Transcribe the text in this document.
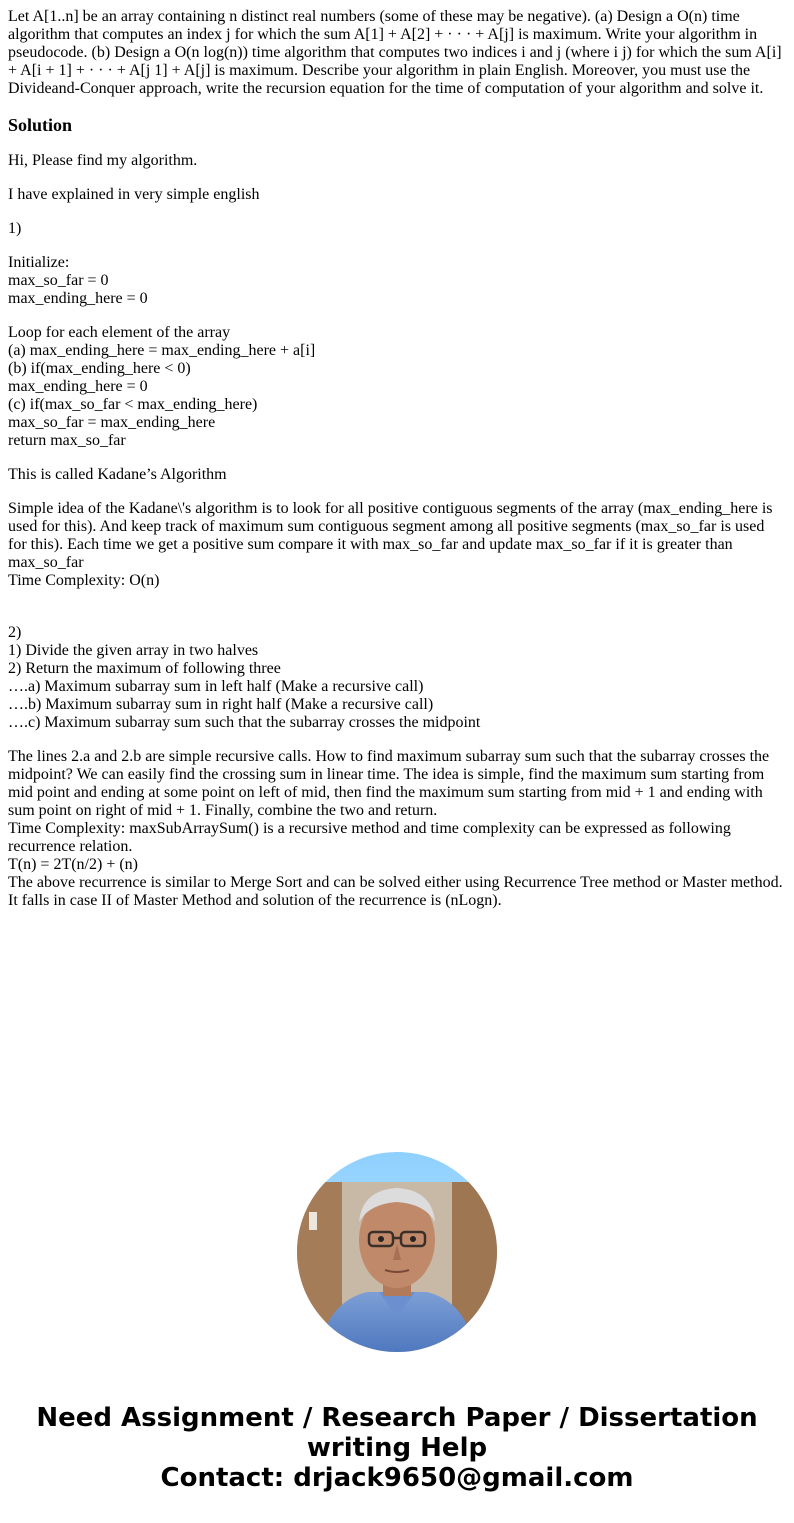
Let A[1..n] be an array containing n distinct real numbers (some of these may be negative). (a) Design a O(n) time algorithm that computes an index j for which the sum A[1] + A[2] + · · · + A[j] is maximum. Write your algorithm in pseudocode. (b) Design a O(n log(n)) time algorithm that computes two indices i and j (where i j) for which the sum A[i] + A[i + 1] + · · · + A[j 1] + A[j] is maximum. Describe your algorithm in plain English. Moreover, you must use the Divideand-Conquer approach, write the recursion equation for the time of computation of your algorithm and solve it.

Solution

Hi, Please find my algorithm.

I have explained in very simple english

1)

Initialize:
max_so_far = 0
max_ending_here = 0

Loop for each element of the array
(a) max_ending_here = max_ending_here + a[i]
(b) if(max_ending_here < 0)
max_ending_here = 0
(c) if(max_so_far < max_ending_here)
max_so_far = max_ending_here
return max_so_far

This is called Kadane’s Algorithm

Simple idea of the Kadane\'s algorithm is to look for all positive contiguous segments of the array (max_ending_here is used for this). And keep track of maximum sum contiguous segment among all positive segments (max_so_far is used for this). Each time we get a positive sum compare it with max_so_far and update max_so_far if it is greater than max_so_far
Time Complexity: O(n)

2)
1) Divide the given array in two halves
2) Return the maximum of following three
….a) Maximum subarray sum in left half (Make a recursive call)
….b) Maximum subarray sum in right half (Make a recursive call)
….c) Maximum subarray sum such that the subarray crosses the midpoint

The lines 2.a and 2.b are simple recursive calls. How to find maximum subarray sum such that the subarray crosses the midpoint? We can easily find the crossing sum in linear time. The idea is simple, find the maximum sum starting from mid point and ending at some point on left of mid, then find the maximum sum starting from mid + 1 and ending with sum point on right of mid + 1. Finally, combine the two and return.
Time Complexity: maxSubArraySum() is a recursive method and time complexity can be expressed as following recurrence relation.
T(n) = 2T(n/2) + (n)
The above recurrence is similar to Merge Sort and can be solved either using Recurrence Tree method or Master method. It falls in case II of Master Method and solution of the recurrence is (nLogn).

Need Assignment / Research Paper / Dissertation
writing Help
Contact: drjack9650@gmail.com
